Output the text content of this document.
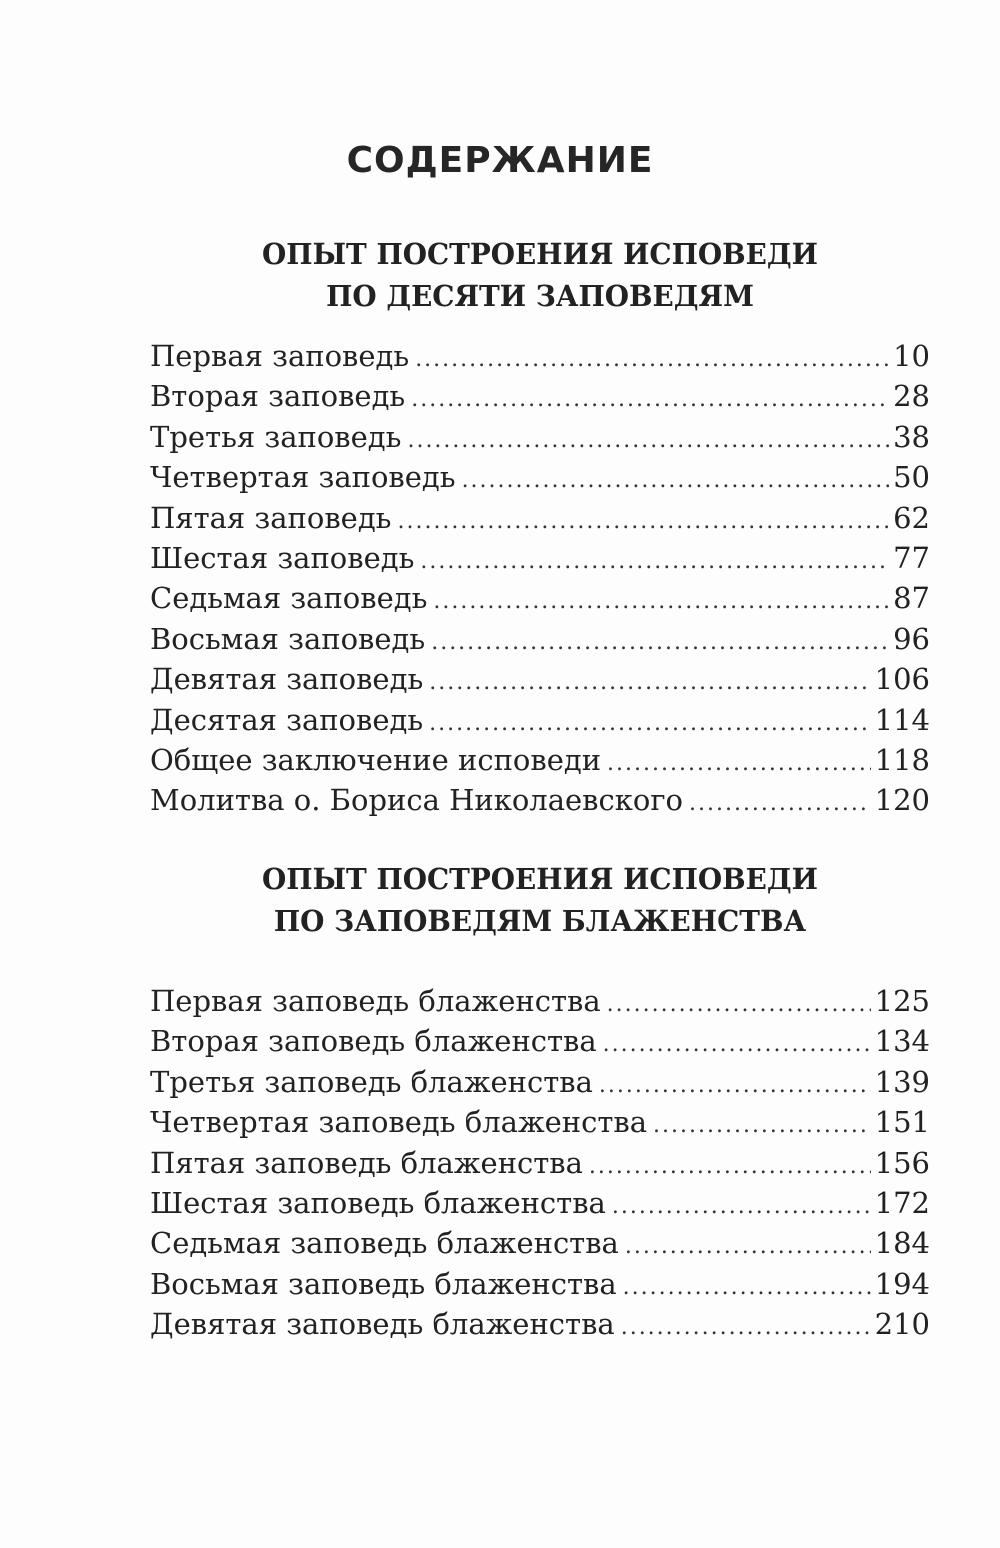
СОДЕРЖАНИЕ
ОПЫТ ПОСТРОЕНИЯ ИСПОВЕДИ
ПО ДЕСЯТИ ЗАПОВЕДЯМ
Первая заповедь .....	10
Вторая заповедь .....	28
Третья заповедь .....	38
Четвертая заповедь .....	50
Пятая заповедь .....	62
Шестая заповедь .....	77
Седьмая заповедь .....	87
Восьмая заповедь .....	96
Девятая заповедь .....	106
Десятая заповедь .....	114
Общее заключение исповеди .....	118
Молитва о. Бориса Николаевского .....	120
ОПЫТ ПОСТРОЕНИЯ ИСПОВЕДИ
ПО ЗАПОВЕДЯМ БЛАЖЕНСТВА
Первая заповедь блаженства .....	125
Вторая заповедь блаженства .....	134
Третья заповедь блаженства .....	139
Четвертая заповедь блаженства .....	151
Пятая заповедь блаженства .....	156
Шестая заповедь блаженства .....	172
Седьмая заповедь блаженства .....	184
Восьмая заповедь блаженства .....	194
Девятая заповедь блаженства .....	210
